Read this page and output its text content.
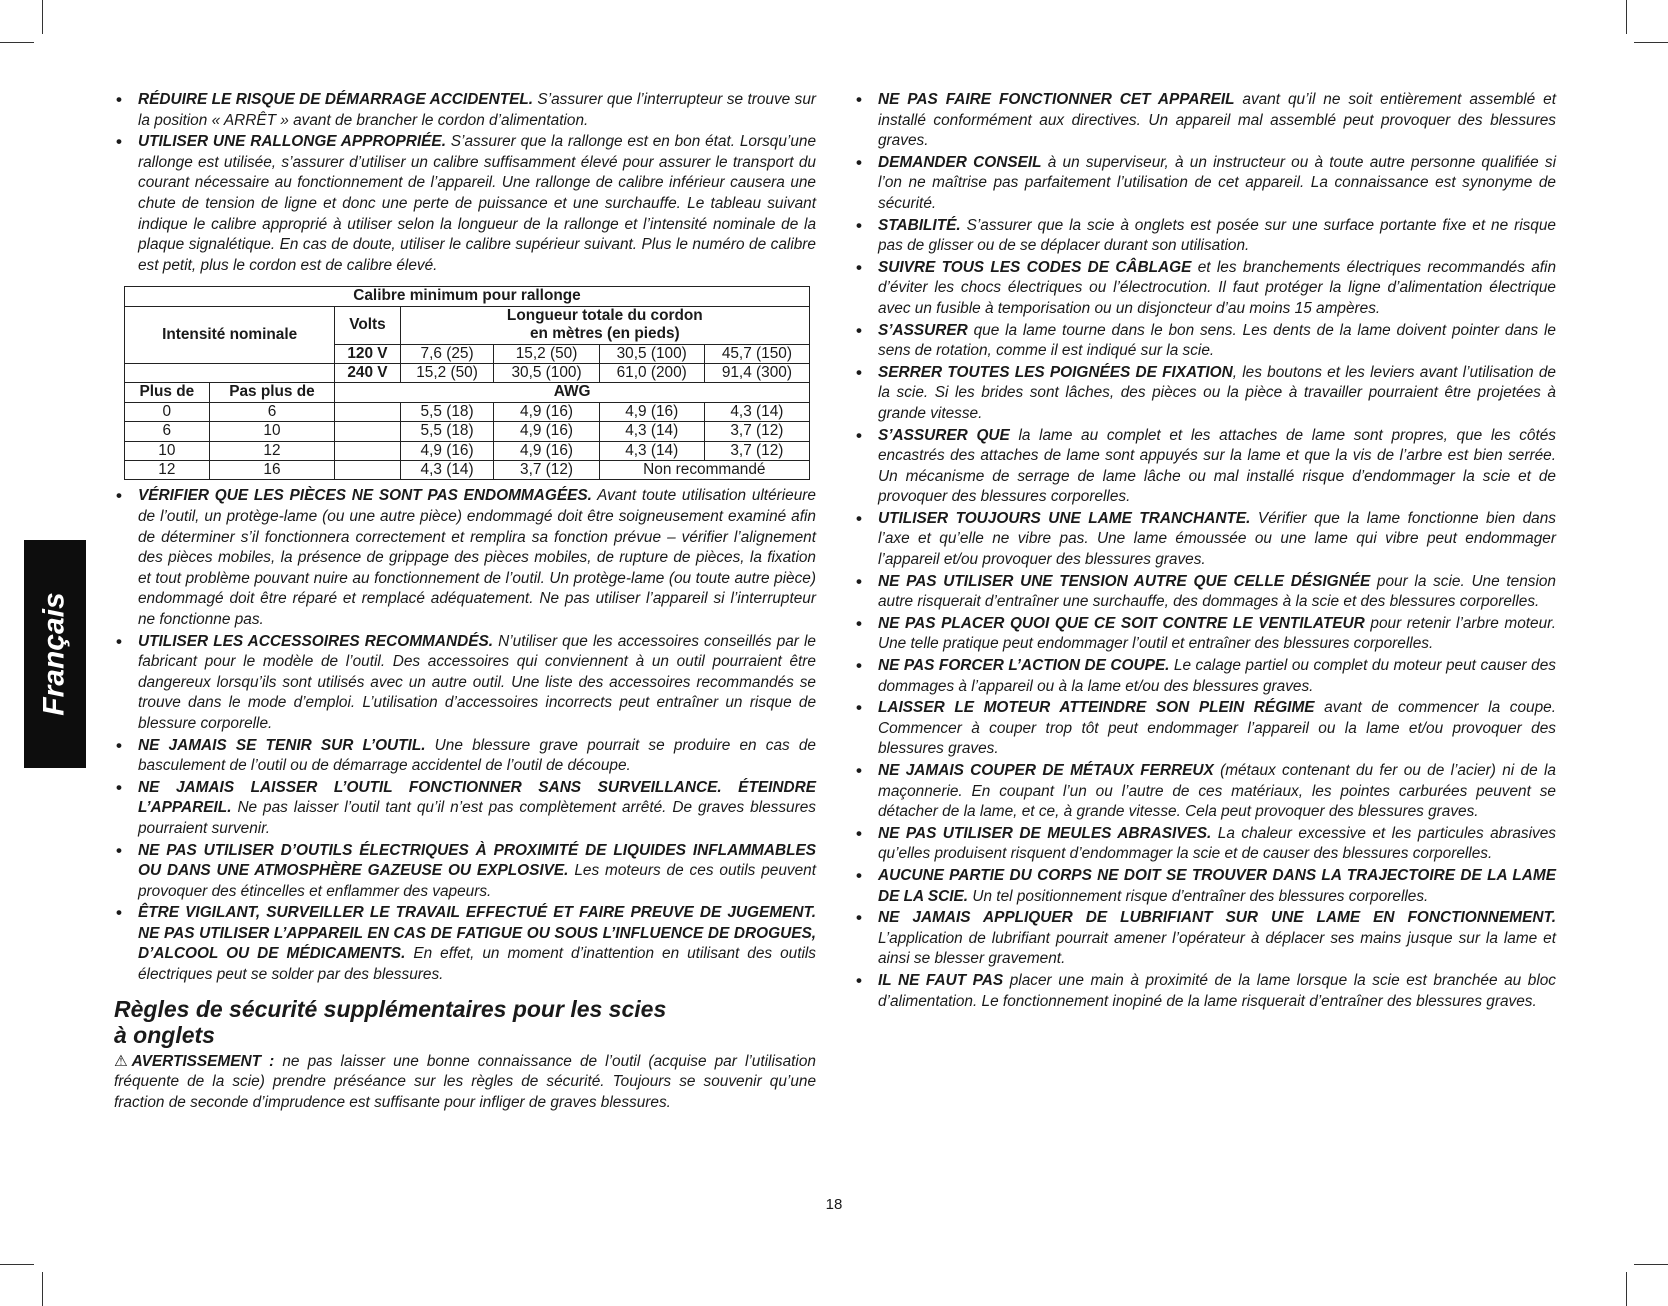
Français
• RÉDUIRE LE RISQUE DE DÉMARRAGE ACCIDENTEL. S’assurer que l’interrupteur se trouve sur la position « ARRÊT » avant de brancher le cordon d’alimentation.
• UTILISER UNE RALLONGE APPROPRIÉE. S’assurer que la rallonge est en bon état. Lorsqu’une rallonge est utilisée, s’assurer d’utiliser un calibre suffisamment élevé pour assurer le transport du courant nécessaire au fonctionnement de l’appareil. Une rallonge de calibre inférieur causera une chute de tension de ligne et donc une perte de puissance et une surchauffe. Le tableau suivant indique le calibre approprié à utiliser selon la longueur de la rallonge et l’intensité nominale de la plaque signalétique. En cas de doute, utiliser le calibre supérieur suivant. Plus le numéro de calibre est petit, plus le cordon est de calibre élevé.
Calibre minimum pour rallonge						
Intensité nominale		Volts	Longueur totale du cordon
en mètres (en pieds)			

		120 V	7,6 (25)	15,2 (50)	30,5 (100)	45,7 (150)
		240 V	15,2 (50)	30,5 (100)	61,0 (200)	91,4 (300)
Plus de	Pas plus de	AWG				
0	6		5,5 (18)	4,9 (16)	4,9 (16)	4,3 (14)
6	10		5,5 (18)	4,9 (16)	4,3 (14)	3,7 (12)
10	12		4,9 (16)	4,9 (16)	4,3 (14)	3,7 (12)
12	16		4,3 (14)	3,7 (12)	Non recommandé	
• VÉRIFIER QUE LES PIÈCES NE SONT PAS ENDOMMAGÉES. Avant toute utilisation ultérieure de l’outil, un protège-lame (ou une autre pièce) endommagé doit être soigneusement examiné afin de déterminer s’il fonctionnera correctement et remplira sa fonction prévue – vérifier l’alignement des pièces mobiles, la présence de grippage des pièces mobiles, de rupture de pièces, la fixation et tout problème pouvant nuire au fonctionnement de l’outil. Un protège-lame (ou toute autre pièce) endommagé doit être réparé et remplacé adéquatement. Ne pas utiliser l’appareil si l’interrupteur ne fonctionne pas.
• UTILISER LES ACCESSOIRES RECOMMANDÉS. N’utiliser que les accessoires conseillés par le fabricant pour le modèle de l’outil. Des accessoires qui conviennent à un outil pourraient être dangereux lorsqu’ils sont utilisés avec un autre outil. Une liste des accessoires recommandés se trouve dans le mode d’emploi. L’utilisation d’accessoires incorrects peut entraîner un risque de blessure corporelle.
• NE JAMAIS SE TENIR SUR L’OUTIL. Une blessure grave pourrait se produire en cas de basculement de l’outil ou de démarrage accidentel de l’outil de découpe.
• NE JAMAIS LAISSER L’OUTIL FONCTIONNER SANS SURVEILLANCE. ÉTEINDRE L’APPAREIL. Ne pas laisser l’outil tant qu’il n’est pas complètement arrêté. De graves blessures pourraient survenir.
• NE PAS UTILISER D’OUTILS ÉLECTRIQUES À PROXIMITÉ DE LIQUIDES INFLAMMABLES OU DANS UNE ATMOSPHÈRE GAZEUSE OU EXPLOSIVE. Les moteurs de ces outils peuvent provoquer des étincelles et enflammer des vapeurs.
• ÊTRE VIGILANT, SURVEILLER LE TRAVAIL EFFECTUÉ ET FAIRE PREUVE DE JUGEMENT. NE PAS UTILISER L’APPAREIL EN CAS DE FATIGUE OU SOUS L’INFLUENCE DE DROGUES, D’ALCOOL OU DE MÉDICAMENTS. En effet, un moment d’inattention en utilisant des outils électriques peut se solder par des blessures.
Règles de sécurité supplémentaires pour les scies
à onglets
⚠AVERTISSEMENT : ne pas laisser une bonne connaissance de l’outil (acquise par l’utilisation fréquente de la scie) prendre préséance sur les règles de sécurité. Toujours se souvenir qu’une fraction de seconde d’imprudence est suffisante pour infliger de graves blessures.
• NE PAS FAIRE FONCTIONNER CET APPAREIL avant qu’il ne soit entièrement assemblé et installé conformément aux directives. Un appareil mal assemblé peut provoquer des blessures graves.
• DEMANDER CONSEIL à un superviseur, à un instructeur ou à toute autre personne qualifiée si l’on ne maîtrise pas parfaitement l’utilisation de cet appareil. La connaissance est synonyme de sécurité.
• STABILITÉ. S’assurer que la scie à onglets est posée sur une surface portante fixe et ne risque pas de glisser ou de se déplacer durant son utilisation.
• SUIVRE TOUS LES CODES DE CÂBLAGE et les branchements électriques recommandés afin d’éviter les chocs électriques ou l’électrocution. Il faut protéger la ligne d’alimentation électrique avec un fusible à temporisation ou un disjoncteur d’au moins 15 ampères.
• S’ASSURER que la lame tourne dans le bon sens. Les dents de la lame doivent pointer dans le sens de rotation, comme il est indiqué sur la scie.
• SERRER TOUTES LES POIGNÉES DE FIXATION, les boutons et les leviers avant l’utilisation de la scie. Si les brides sont lâches, des pièces ou la pièce à travailler pourraient être projetées à grande vitesse.
• S’ASSURER QUE la lame au complet et les attaches de lame sont propres, que les côtés encastrés des attaches de lame sont appuyés sur la lame et que la vis de l’arbre est bien serrée. Un mécanisme de serrage de lame lâche ou mal installé risque d’endommager la scie et de provoquer des blessures corporelles.
• UTILISER TOUJOURS UNE LAME TRANCHANTE. Vérifier que la lame fonctionne bien dans l’axe et qu’elle ne vibre pas. Une lame émoussée ou une lame qui vibre peut endommager l’appareil et/ou provoquer des blessures graves.
• NE PAS UTILISER UNE TENSION AUTRE QUE CELLE DÉSIGNÉE pour la scie. Une tension autre risquerait d’entraîner une surchauffe, des dommages à la scie et des blessures corporelles.
• NE PAS PLACER QUOI QUE CE SOIT CONTRE LE VENTILATEUR pour retenir l’arbre moteur. Une telle pratique peut endommager l’outil et entraîner des blessures corporelles.
• NE PAS FORCER L’ACTION DE COUPE. Le calage partiel ou complet du moteur peut causer des dommages à l’appareil ou à la lame et/ou des blessures graves.
• LAISSER LE MOTEUR ATTEINDRE SON PLEIN RÉGIME avant de commencer la coupe. Commencer à couper trop tôt peut endommager l’appareil ou la lame et/ou provoquer des blessures graves.
• NE JAMAIS COUPER DE MÉTAUX FERREUX (métaux contenant du fer ou de l’acier) ni de la maçonnerie. En coupant l’un ou l’autre de ces matériaux, les pointes carburées peuvent se détacher de la lame, et ce, à grande vitesse. Cela peut provoquer des blessures graves.
• NE PAS UTILISER DE MEULES ABRASIVES. La chaleur excessive et les particules abrasives qu’elles produisent risquent d’endommager la scie et de causer des blessures corporelles.
• AUCUNE PARTIE DU CORPS NE DOIT SE TROUVER DANS LA TRAJECTOIRE DE LA LAME DE LA SCIE. Un tel positionnement risque d’entraîner des blessures corporelles.
• NE JAMAIS APPLIQUER DE LUBRIFIANT SUR UNE LAME EN FONCTIONNEMENT. L’application de lubrifiant pourrait amener l’opérateur à déplacer ses mains jusque sur la lame et ainsi se blesser gravement.
• IL NE FAUT PAS placer une main à proximité de la lame lorsque la scie est branchée au bloc d’alimentation. Le fonctionnement inopiné de la lame risquerait d’entraîner des blessures graves.
18
